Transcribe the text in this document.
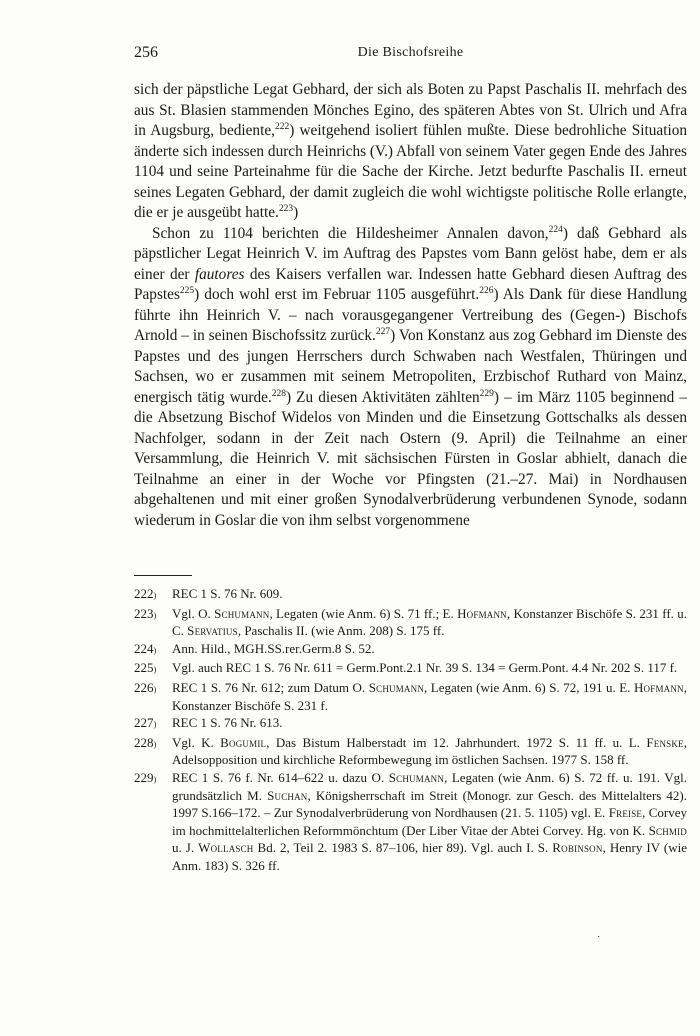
256	Die Bischofsreihe

sich der päpstliche Legat Gebhard, der sich als Boten zu Papst Paschalis II. mehrfach des aus St. Blasien stammenden Mönches Egino, des späteren Abtes von St. Ulrich und Afra in Augsburg, bediente,$^{222}$) weitgehend isoliert fühlen mußte. Diese bedrohliche Situation änderte sich indessen durch Heinrichs (V.) Abfall von seinem Vater gegen Ende des Jahres 1104 und seine Parteinahme für die Sache der Kirche. Jetzt bedurfte Paschalis II. erneut seines Legaten Gebhard, der damit zugleich die wohl wichtigste politische Rolle erlangte, die er je ausgeübt hatte.$^{223}$)

Schon zu 1104 berichten die Hildesheimer Annalen davon,$^{224}$) daß Gebhard als päpstlicher Legat Heinrich V. im Auftrag des Papstes vom Bann gelöst habe, dem er als einer der fautores des Kaisers verfallen war. Indessen hatte Gebhard diesen Auftrag des Papstes$^{225}$) doch wohl erst im Februar 1105 ausgeführt.$^{226}$) Als Dank für diese Handlung führte ihn Heinrich V. – nach vorausgegangener Vertreibung des (Gegen-) Bischofs Arnold – in seinen Bischofssitz zurück.$^{227}$) Von Konstanz aus zog Gebhard im Dienste des Papstes und des jungen Herrschers durch Schwaben nach Westfalen, Thüringen und Sachsen, wo er zusammen mit seinem Metropoliten, Erzbischof Ruthard von Mainz, energisch tätig wurde.$^{228}$) Zu diesen Aktivitäten zählten$^{229}$) – im März 1105 beginnend – die Absetzung Bischof Widelos von Minden und die Einsetzung Gottschalks als dessen Nachfolger, sodann in der Zeit nach Ostern (9. April) die Teilnahme an einer Versammlung, die Heinrich V. mit sächsischen Fürsten in Goslar abhielt, danach die Teilnahme an einer in der Woche vor Pfingsten (21.–27. Mai) in Nordhausen abgehaltenen und mit einer großen Synodalverbrüderung verbundenen Synode, sodann wiederum in Goslar die von ihm selbst vorgenommene

222)	REC 1 S. 76 Nr. 609.
223)	Vgl. O. Schumann, Legaten (wie Anm. 6) S. 71 ff.; E. Hofmann, Konstanzer Bischöfe S. 231 ff. u. C. Servatius, Paschalis II. (wie Anm. 208) S. 175 ff.
224)	Ann. Hild., MGH.SS.rer.Germ.8 S. 52.
225)	Vgl. auch REC 1 S. 76 Nr. 611 = Germ.Pont.2.1 Nr. 39 S. 134 = Germ.Pont. 4.4 Nr. 202 S. 117 f.
226)	REC 1 S. 76 Nr. 612; zum Datum O. Schumann, Legaten (wie Anm. 6) S. 72, 191 u. E. Hofmann, Konstanzer Bischöfe S. 231 f.
227)	REC 1 S. 76 Nr. 613.
228)	Vgl. K. Bogumil, Das Bistum Halberstadt im 12. Jahrhundert. 1972 S. 11 ff. u. L. Fenske, Adelsopposition und kirchliche Reformbewegung im östlichen Sachsen. 1977 S. 158 ff.
229)	REC 1 S. 76 f. Nr. 614–622 u. dazu O. Schumann, Legaten (wie Anm. 6) S. 72 ff. u. 191. Vgl. grundsätzlich M. Suchan, Königsherrschaft im Streit (Monogr. zur Gesch. des Mittelalters 42). 1997 S.166–172. – Zur Synodalverbrüderung von Nordhausen (21. 5. 1105) vgl. E. Freise, Corvey im hochmittelalterlichen Reformmönchtum (Der Liber Vitae der Abtei Corvey. Hg. von K. Schmid u. J. Wollasch Bd. 2, Teil 2. 1983 S. 87–106, hier 89). Vgl. auch I. S. Robinson, Henry IV (wie Anm. 183) S. 326 ff.
˙
